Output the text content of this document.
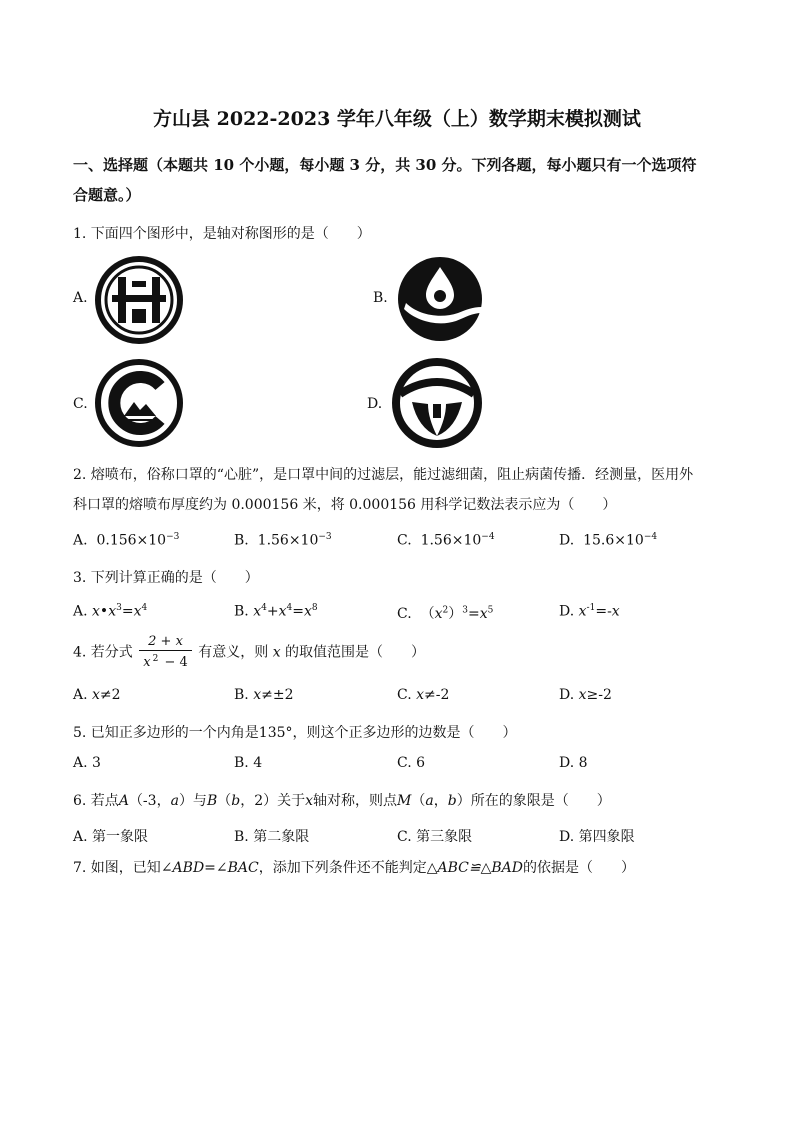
方山县 2022-2023 学年八年级（上）数学期末模拟测试
一、选择题（本题共 10 个小题，每小题 3 分，共 30 分。下列各题，每小题只有一个选项符
合题意。）
1. 下面四个图形中，是轴对称图形的是（　　）
A.	B.
C.	D.
2. 熔喷布，俗称口罩的“心脏”，是口罩中间的过滤层，能过滤细菌，阻止病菌传播．经测量，医用外
科口罩的熔喷布厚度约为 0.000156 米，将 0.000156 用科学记数法表示应为（　　）
A. $0.156\times 10^{-3}$	B. $1.56\times 10^{-3}$	C. $1.56\times 10^{-4}$	D. $15.6\times 10^{-4}$
3. 下列计算正确的是（　　）
A. $x•x^3=x^4$	B. $x^4+x^4=x^8$	C. $(x^2)^3=x^5$	D. $x^{-1}=-x$
4. 若分式 $\frac{2 + x}{x ^2 - 4}$ 有意义，则 x 的取值范围是（　　）
A. x≠2	B. x≠±2	C. x≠-2	D. x≥-2
5. 已知正多边形的一个内角是135°，则这个正多边形的边数是（　　）
A. 3	B. 4	C. 6	D. 8
6. 若点A（-3，a）与B（b，2）关于x轴对称，则点M（a，b）所在的象限是（　　）
A. 第一象限	B. 第二象限	C. 第三象限	D. 第四象限
7. 如图，已知∠ABD=∠BAC，添加下列条件还不能判定△ABC≌△BAD的依据是（　　）
